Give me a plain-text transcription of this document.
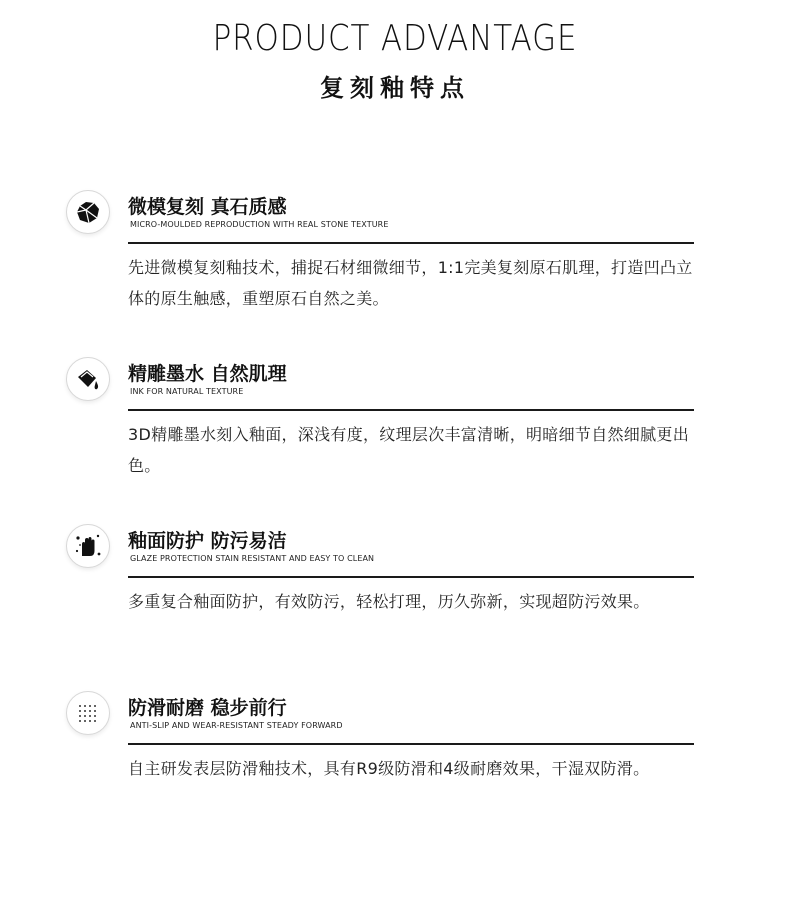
PRODUCT ADVANTAGE
复刻釉特点
微模复刻 真石质感
MICRO-MOULDED REPRODUCTION WITH REAL STONE TEXTURE
先进微模复刻釉技术，捕捉石材细微细节，1:1完美复刻原石肌理，打造凹凸立体的原生触感，重塑原石自然之美。
精雕墨水 自然肌理
INK FOR NATURAL TEXTURE
3D精雕墨水刻入釉面，深浅有度，纹理层次丰富清晰，明暗细节自然细腻更出色。
釉面防护 防污易洁
GLAZE PROTECTION STAIN RESISTANT AND EASY TO CLEAN
多重复合釉面防护，有效防污，轻松打理，历久弥新，实现超防污效果。
防滑耐磨 稳步前行
ANTI-SLIP AND WEAR-RESISTANT STEADY FORWARD
自主研发表层防滑釉技术，具有R9级防滑和4级耐磨效果，干湿双防滑。
